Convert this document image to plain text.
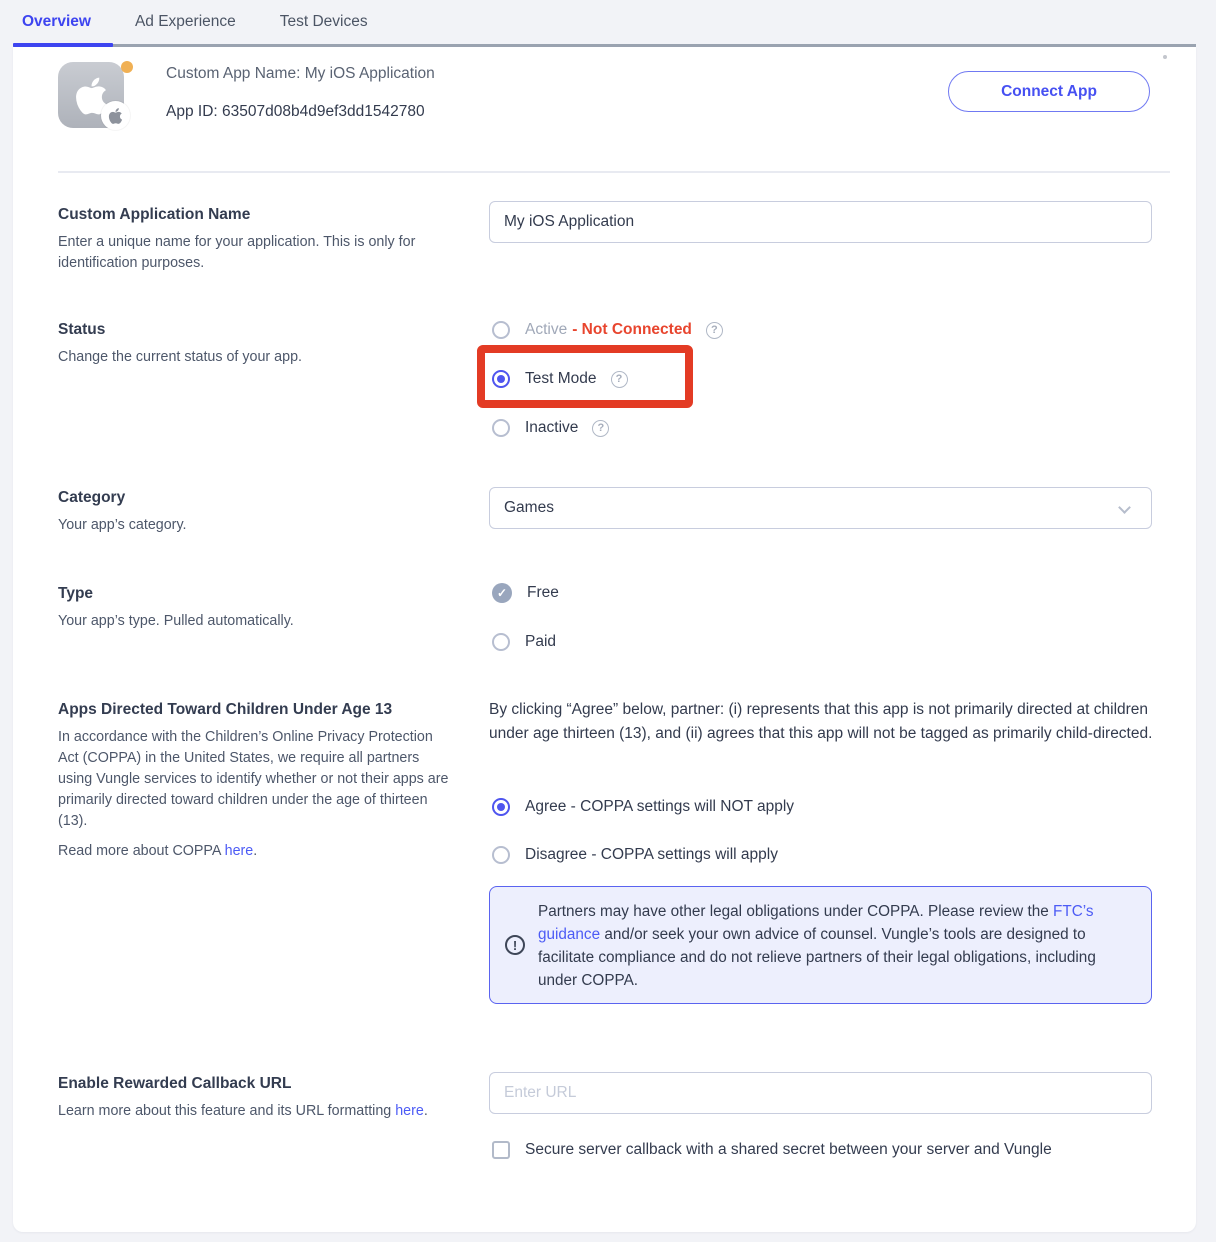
Overview	Ad Experience	Test Devices
Custom App Name: My iOS Application
App ID: 63507d08b4d9ef3dd1542780
Connect App
Custom Application Name
Enter a unique name for your application. This is only for identification purposes.
My iOS Application
Status
Change the current status of your app.
Active - Not Connected	?
Test Mode	?
Inactive	?
Category
Your app’s category.
Games
Type
Your app’s type. Pulled automatically.
✓	Free
Paid
Apps Directed Toward Children Under Age 13
In accordance with the Children’s Online Privacy Protection Act (COPPA) in the United States, we require all partners using Vungle services to identify whether or not their apps are primarily directed toward children under the age of thirteen (13).
Read more about COPPA here.
By clicking “Agree” below, partner: (i) represents that this app is not primarily directed at children under age thirteen (13), and (ii) agrees that this app will not be tagged as primarily child-directed.
Agree - COPPA settings will NOT apply
Disagree - COPPA settings will apply
!
Partners may have other legal obligations under COPPA. Please review the FTC’s guidance and/or seek your own advice of counsel. Vungle’s tools are designed to facilitate compliance and do not relieve partners of their legal obligations, including under COPPA.
Enable Rewarded Callback URL
Learn more about this feature and its URL formatting here.
Enter URL
Secure server callback with a shared secret between your server and Vungle
